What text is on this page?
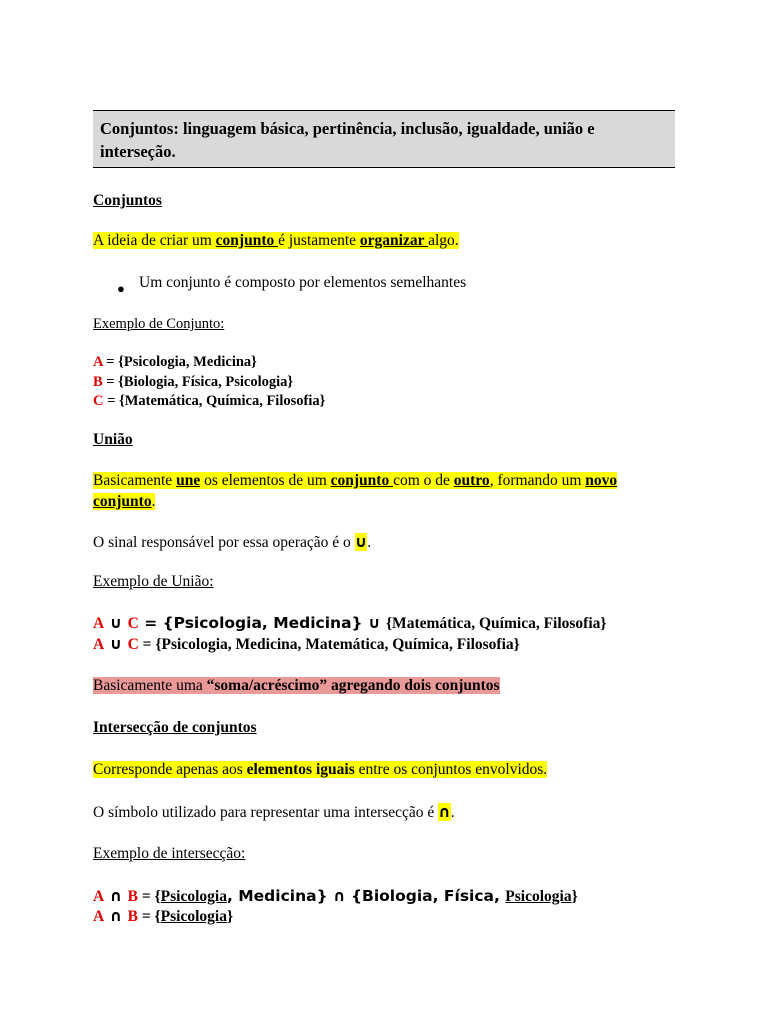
Conjuntos: linguagem básica, pertinência, inclusão, igualdade, união e interseção.
Conjuntos
A ideia de criar um conjunto é justamente organizar algo.
● Um conjunto é composto por elementos semelhantes
Exemplo de Conjunto:
A = {Psicologia, Medicina}
B = {Biologia, Física, Psicologia}
C = {Matemática, Química, Filosofia}
União
Basicamente une os elementos de um conjunto com o de outro, formando um novo
conjunto.
O sinal responsável por essa operação é o ∪.
Exemplo de União:
A ∪ C = {Psicologia, Medicina} ∪ {Matemática, Química, Filosofia}
A ∪ C = {Psicologia, Medicina, Matemática, Química, Filosofia}
Basicamente uma “soma/acréscimo” agregando dois conjuntos
Intersecção de conjuntos
Corresponde apenas aos elementos iguais entre os conjuntos envolvidos.
O símbolo utilizado para representar uma intersecção é ∩.
Exemplo de intersecção:
A ∩ B = {Psicologia, Medicina} ∩ {Biologia, Física, Psicologia}
A ∩ B = {Psicologia}
